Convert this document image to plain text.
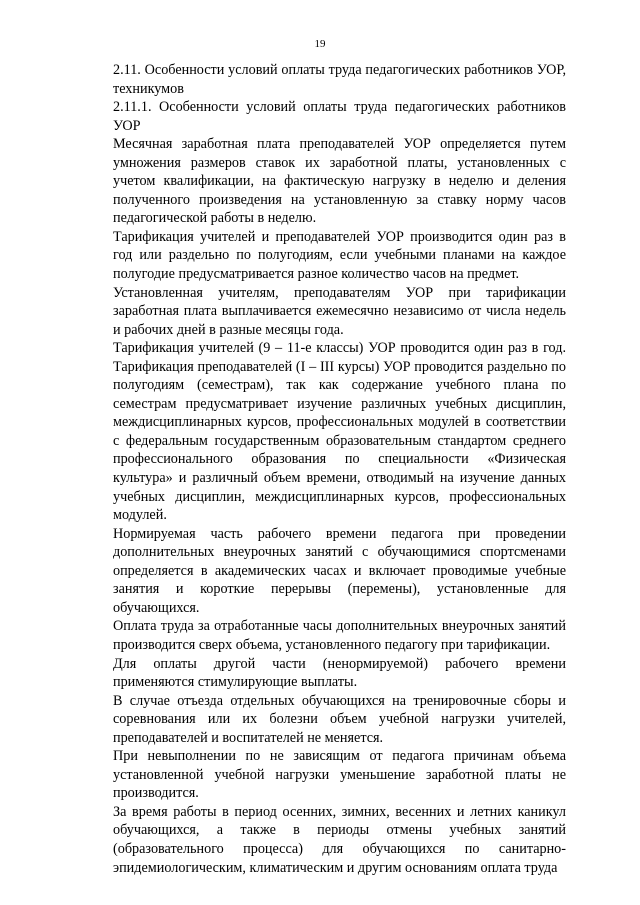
19

2.11. Особенности условий оплаты труда педагогических работников УОР, техникумов

2.11.1. Особенности условий оплаты труда педагогических работников УОР

Месячная заработная плата преподавателей УОР определяется путем умножения размеров ставок их заработной платы, установленных с учетом квалификации, на фактическую нагрузку в неделю и деления полученного произведения на установленную за ставку норму часов педагогической работы в неделю.

Тарификация учителей и преподавателей УОР производится один раз в год или раздельно по полугодиям, если учебными планами на каждое полугодие предусматривается разное количество часов на предмет.

Установленная учителям, преподавателям УОР при тарификации заработная плата выплачивается ежемесячно независимо от числа недель и рабочих дней в разные месяцы года.

Тарификация учителей (9 – 11-е классы) УОР проводится один раз в год. Тарификация преподавателей (I – III курсы) УОР проводится раздельно по полугодиям (семестрам), так как содержание учебного плана по семестрам предусматривает изучение различных учебных дисциплин, междисциплинарных курсов, профессиональных модулей в соответствии с федеральным государственным образовательным стандартом среднего профессионального образования по специальности «Физическая культура» и различный объем времени, отводимый на изучение данных учебных дисциплин, междисциплинарных курсов, профессиональных модулей.

Нормируемая часть рабочего времени педагога при проведении дополнительных внеурочных занятий с обучающимися спортсменами определяется в академических часах и включает проводимые учебные занятия и короткие перерывы (перемены), установленные для обучающихся.

Оплата труда за отработанные часы дополнительных внеурочных занятий производится сверх объема, установленного педагогу при тарификации.

Для оплаты другой части (ненормируемой) рабочего времени применяются стимулирующие выплаты.

В случае отъезда отдельных обучающихся на тренировочные сборы и соревнования или их болезни объем учебной нагрузки учителей, преподавателей и воспитателей не меняется.

При невыполнении по не зависящим от педагога причинам объема установленной учебной нагрузки уменьшение заработной платы не производится.

За время работы в период осенних, зимних, весенних и летних каникул обучающихся, а также в периоды отмены учебных занятий (образовательного процесса) для обучающихся по санитарно-эпидемиологическим, климатическим и другим основаниям оплата труда
